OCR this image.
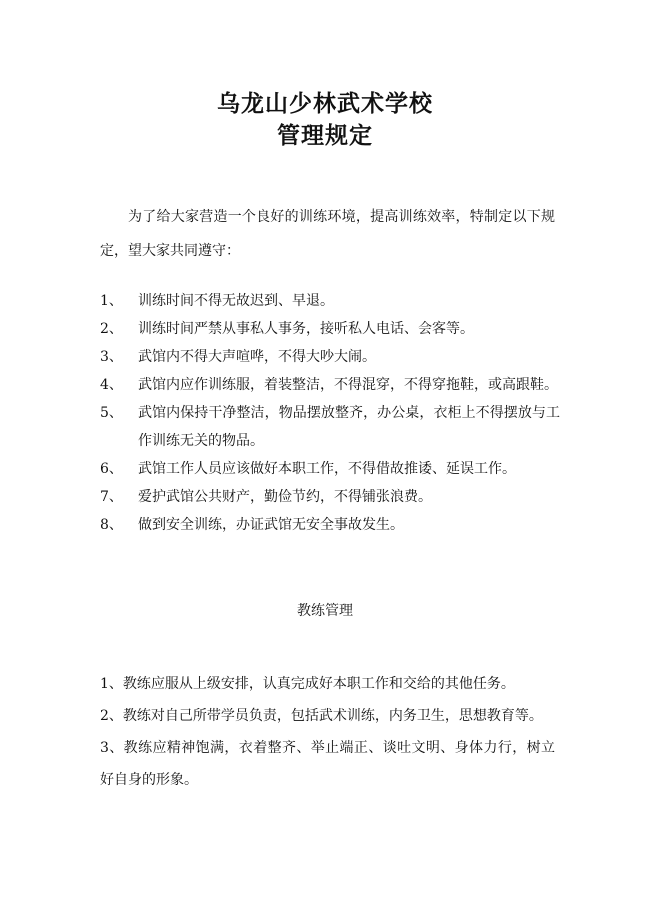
乌龙山少林武术学校
管理规定

为了给大家营造一个良好的训练环境，提高训练效率，特制定以下规定，望大家共同遵守：

1、 训练时间不得无故迟到、早退。
2、 训练时间严禁从事私人事务，接听私人电话、会客等。
3、 武馆内不得大声喧哗，不得大吵大闹。
4、 武馆内应作训练服，着装整洁，不得混穿，不得穿拖鞋，或高跟鞋。
5、 武馆内保持干净整洁，物品摆放整齐，办公桌，衣柜上不得摆放与工作训练无关的物品。
6、 武馆工作人员应该做好本职工作，不得借故推诿、延误工作。
7、 爱护武馆公共财产，勤俭节约，不得铺张浪费。
8、 做到安全训练，办证武馆无安全事故发生。
教练管理
1、教练应服从上级安排，认真完成好本职工作和交给的其他任务。
2、教练对自己所带学员负责，包括武术训练，内务卫生，思想教育等。
3、教练应精神饱满，衣着整齐、举止端正、谈吐文明、身体力行，树立好自身的形象。
